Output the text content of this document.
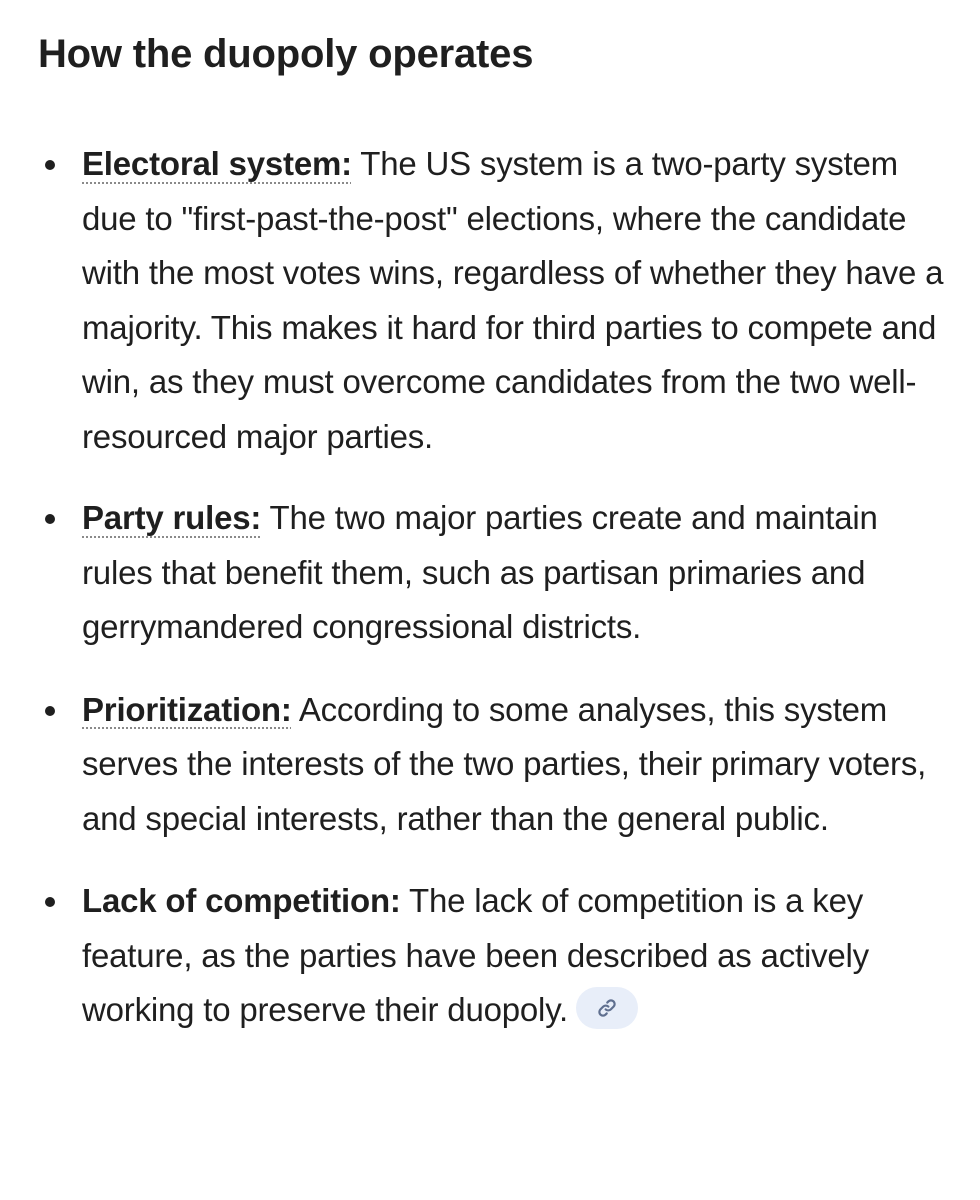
How the duopoly operates
Electoral system: The US system is a two-party system due to "first-past-the-post" elections, where the candidate with the most votes wins, regardless of whether they have a majority. This makes it hard for third parties to compete and win, as they must overcome candidates from the two well-resourced major parties.
Party rules: The two major parties create and maintain rules that benefit them, such as partisan primaries and gerrymandered congressional districts.
Prioritization: According to some analyses, this system serves the interests of the two parties, their primary voters, and special interests, rather than the general public.
Lack of competition: The lack of competition is a key feature, as the parties have been described as actively working to preserve their duopoly.
